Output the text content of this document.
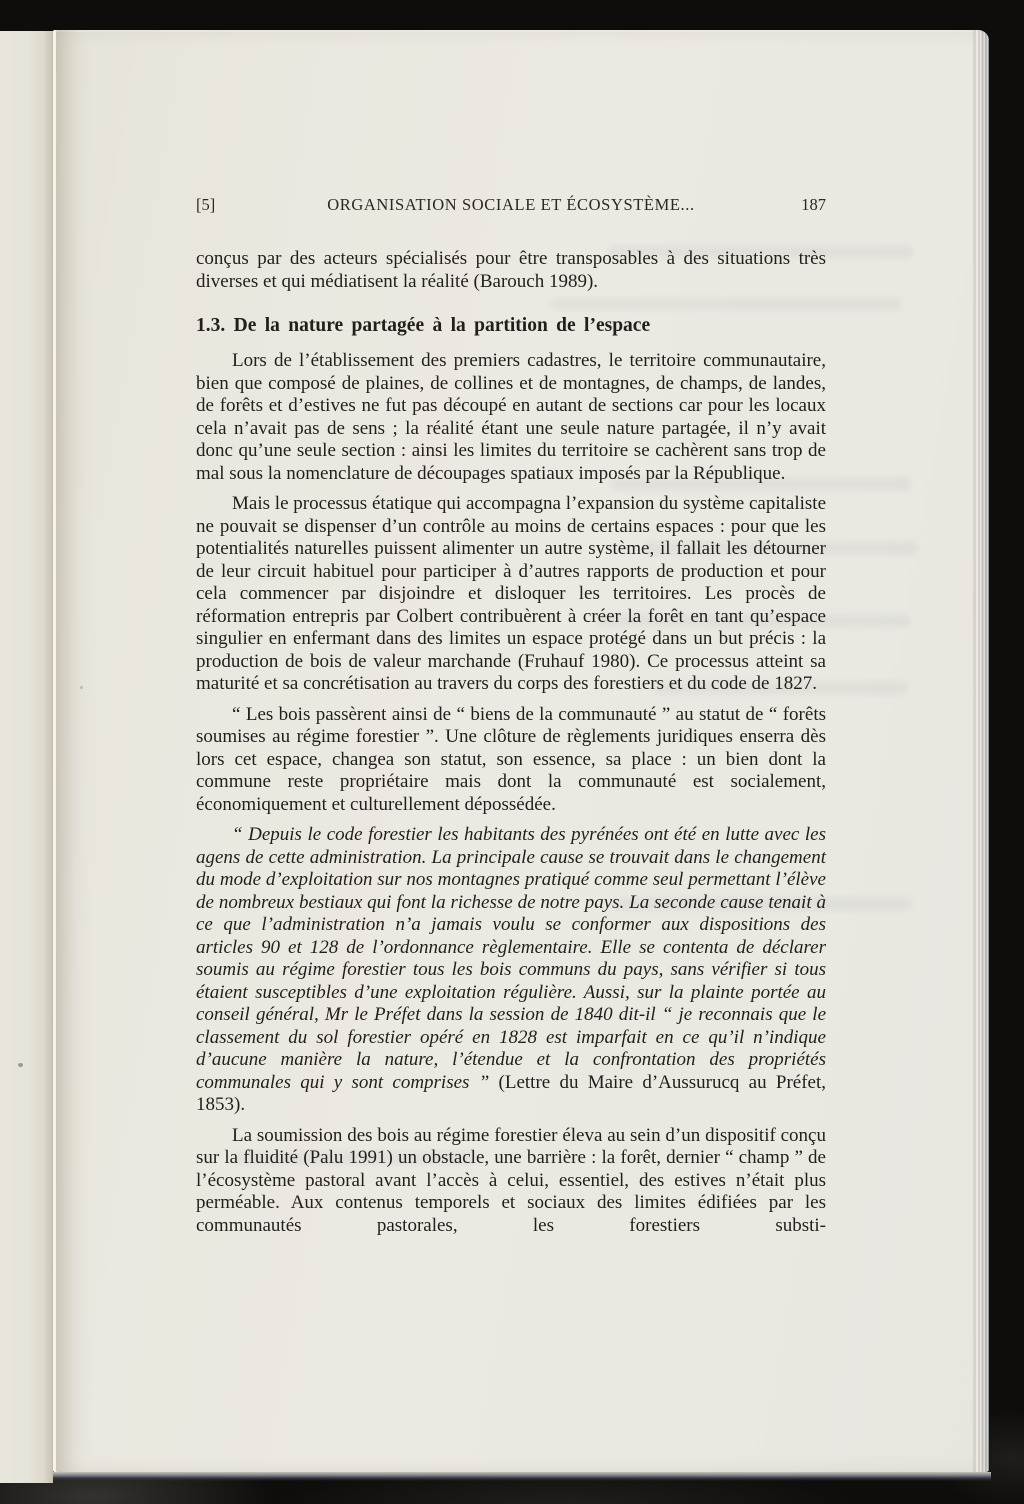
[5]	ORGANISATION SOCIALE ET ÉCOSYSTÈME...	187

conçus par des acteurs spécialisés pour être transposables à des situations très diverses et qui médiatisent la réalité (Barouch 1989).

1.3. De la nature partagée à la partition de l’espace

Lors de l’établissement des premiers cadastres, le territoire communautaire, bien que composé de plaines, de collines et de montagnes, de champs, de landes, de forêts et d’estives ne fut pas découpé en autant de sections car pour les locaux cela n’avait pas de sens ; la réalité étant une seule nature partagée, il n’y avait donc qu’une seule section : ainsi les limites du territoire se cachèrent sans trop de mal sous la nomenclature de découpages spatiaux imposés par la République.

Mais le processus étatique qui accompagna l’expansion du système capitaliste ne pouvait se dispenser d’un contrôle au moins de certains espaces : pour que les potentialités naturelles puissent alimenter un autre système, il fallait les détourner de leur circuit habituel pour participer à d’autres rapports de production et pour cela commencer par disjoindre et disloquer les territoires. Les procès de réformation entrepris par Colbert contribuèrent à créer la forêt en tant qu’espace singulier en enfermant dans des limites un espace protégé dans un but précis : la production de bois de valeur marchande (Fruhauf 1980). Ce processus atteint sa maturité et sa concrétisation au travers du corps des forestiers et du code de 1827.

“ Les bois passèrent ainsi de “ biens de la communauté ” au statut de “ forêts soumises au régime forestier ”. Une clôture de règlements juridiques enserra dès lors cet espace, changea son statut, son essence, sa place : un bien dont la commune reste propriétaire mais dont la communauté est socialement, économiquement et culturellement dépossédée.

“ Depuis le code forestier les habitants des pyrénées ont été en lutte avec les agens de cette administration. La principale cause se trouvait dans le changement du mode d’exploitation sur nos montagnes pratiqué comme seul permettant l’élève de nombreux bestiaux qui font la richesse de notre pays. La seconde cause tenait à ce que l’administration n’a jamais voulu se conformer aux dispositions des articles 90 et 128 de l’ordonnance règlementaire. Elle se contenta de déclarer soumis au régime forestier tous les bois communs du pays, sans vérifier si tous étaient susceptibles d’une exploitation régulière. Aussi, sur la plainte portée au conseil général, Mr le Préfet dans la session de 1840 dit-il “ je reconnais que le classement du sol forestier opéré en 1828 est imparfait en ce qu’il n’indique d’aucune manière la nature, l’étendue et la confrontation des propriétés communales qui y sont comprises ” (Lettre du Maire d’Aussurucq au Préfet, 1853).

La soumission des bois au régime forestier éleva au sein d’un dispositif conçu sur la fluidité (Palu 1991) un obstacle, une barrière : la forêt, dernier “ champ ” de l’écosystème pastoral avant l’accès à celui, essentiel, des estives n’était plus perméable. Aux contenus temporels et sociaux des limites édifiées par les communautés pastorales, les forestiers substi-
